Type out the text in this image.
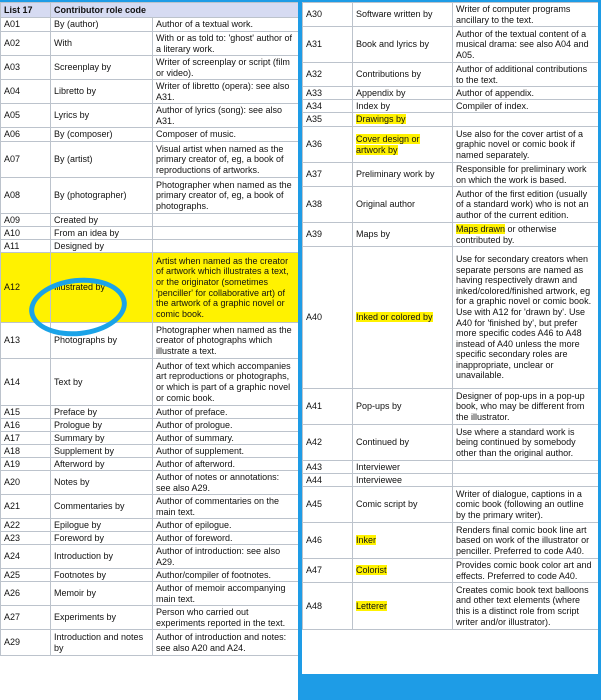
List 17	Contributor role code	
A01	By (author)	Author of a textual work.
A02	With	With or as told to: 'ghost' author of a literary work.
A03	Screenplay by	Writer of screenplay or script (film or video).
A04	Libretto by	Writer of libretto (opera): see also A31.
A05	Lyrics by	Author of lyrics (song): see also A31.
A06	By (composer)	Composer of music.
A07	By (artist)	Visual artist when named as the primary creator of, eg, a book of reproductions of artworks.
A08	By (photographer)	Photographer when named as the primary creator of, eg, a book of photographs.
A09	Created by	
A10	From an idea by	
A11	Designed by	
A12	Illustrated by	Artist when named as the creator of artwork which illustrates a text, or the originator (sometimes 'penciller' for collaborative art) of the artwork of a graphic novel or comic book.
A13	Photographs by	Photographer when named as the creator of photographs which illustrate a text.
A14	Text by	Author of text which accompanies art reproductions or photographs, or which is part of a graphic novel or comic book.
A15	Preface by	Author of preface.
A16	Prologue by	Author of prologue.
A17	Summary by	Author of summary.
A18	Supplement by	Author of supplement.
A19	Afterword by	Author of afterword.
A20	Notes by	Author of notes or annotations: see also A29.
A21	Commentaries by	Author of commentaries on the main text.
A22	Epilogue by	Author of epilogue.
A23	Foreword by	Author of foreword.
A24	Introduction by	Author of introduction: see also A29.
A25	Footnotes by	Author/compiler of footnotes.
A26	Memoir by	Author of memoir accompanying main text.
A27	Experiments by	Person who carried out experiments reported in the text.
A29	Introduction and notes by	Author of introduction and notes: see also A20 and A24.
A30	Software written by	Writer of computer programs ancillary to the text.
A31	Book and lyrics by	Author of the textual content of a musical drama: see also A04 and A05.
A32	Contributions by	Author of additional contributions to the text.
A33	Appendix by	Author of appendix.
A34	Index by	Compiler of index.
A35	Drawings by	
A36	Cover design or artwork by	Use also for the cover artist of a graphic novel or comic book if named separately.
A37	Preliminary work by	Responsible for preliminary work on which the work is based.
A38	Original author	Author of the first edition (usually of a standard work) who is not an author of the current edition.
A39	Maps by	Maps drawn or otherwise contributed by.
A40	Inked or colored by	Use for secondary creators when separate persons are named as having respectively drawn and inked/colored/finished artwork, eg for a graphic novel or comic book. Use with A12 for 'drawn by'. Use A40 for 'finished by', but prefer more specific codes A46 to A48 instead of A40 unless the more specific secondary roles are inappropriate, unclear or unavailable.
A41	Pop-ups by	Designer of pop-ups in a pop-up book, who may be different from the illustrator.
A42	Continued by	Use where a standard work is being continued by somebody other than the original author.
A43	Interviewer	
A44	Interviewee	
A45	Comic script by	Writer of dialogue, captions in a comic book (following an outline by the primary writer).
A46	Inker	Renders final comic book line art based on work of the illustrator or penciller. Preferred to code A40.
A47	Colorist	Provides comic book color art and effects. Preferred to code A40.
A48	Letterer	Creates comic book text balloons and other text elements (where this is a distinct role from script writer and/or illustrator).
